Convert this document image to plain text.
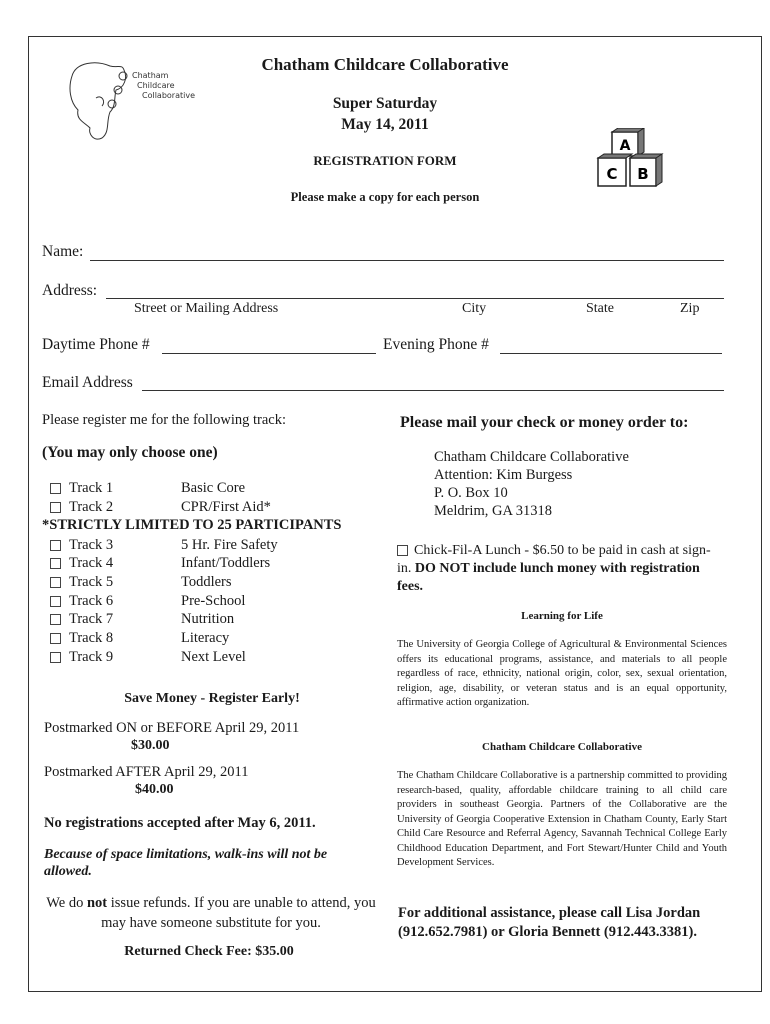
Chatham
Childcare
Collaborative
Chatham Childcare Collaborative
Super Saturday
May 14, 2011
REGISTRATION FORM
Please make a copy for each person
A
B
C
Name:
Address:
Street or Mailing Address	City	State	Zip
Daytime Phone #	Evening Phone #
Email Address
Please register me for the following track:
(You may only choose one)
Track 1	Basic Core
Track 2	CPR/First Aid*
*STRICTLY LIMITED TO 25 PARTICIPANTS
Track 3	5 Hr. Fire Safety
Track 4	Infant/Toddlers
Track 5	Toddlers
Track 6	Pre-School
Track 7	Nutrition
Track 8	Literacy
Track 9	Next Level
Save Money - Register Early!
Postmarked ON or BEFORE April 29, 2011
$30.00
Postmarked AFTER April 29, 2011
$40.00
No registrations accepted after May 6, 2011.
Because of space limitations, walk-ins will not be allowed.
We do not issue refunds. If you are unable to attend, you may have someone substitute for you.
Returned Check Fee: $35.00
Please mail your check or money order to:
Chatham Childcare Collaborative
Attention: Kim Burgess
P. O. Box 10
Meldrim, GA 31318
Chick-Fil-A Lunch - $6.50 to be paid in cash at sign-in. DO NOT include lunch money with registration fees.
Learning for Life
The University of Georgia College of Agricultural & Environmental Sciences offers its educational programs, assistance, and materials to all people regardless of race, ethnicity, national origin, color, sex, sexual orientation, religion, age, disability, or veteran status and is an equal opportunity, affirmative action organization.
Chatham Childcare Collaborative
The Chatham Childcare Collaborative is a partnership committed to providing research-based, quality, affordable childcare training to all child care providers in southeast Georgia. Partners of the Collaborative are the University of Georgia Cooperative Extension in Chatham County, Early Start Child Care Resource and Referral Agency, Savannah Technical College Early Childhood Education Department, and Fort Stewart/Hunter Child and Youth Development Services.
For additional assistance, please call Lisa Jordan (912.652.7981) or Gloria Bennett (912.443.3381).
